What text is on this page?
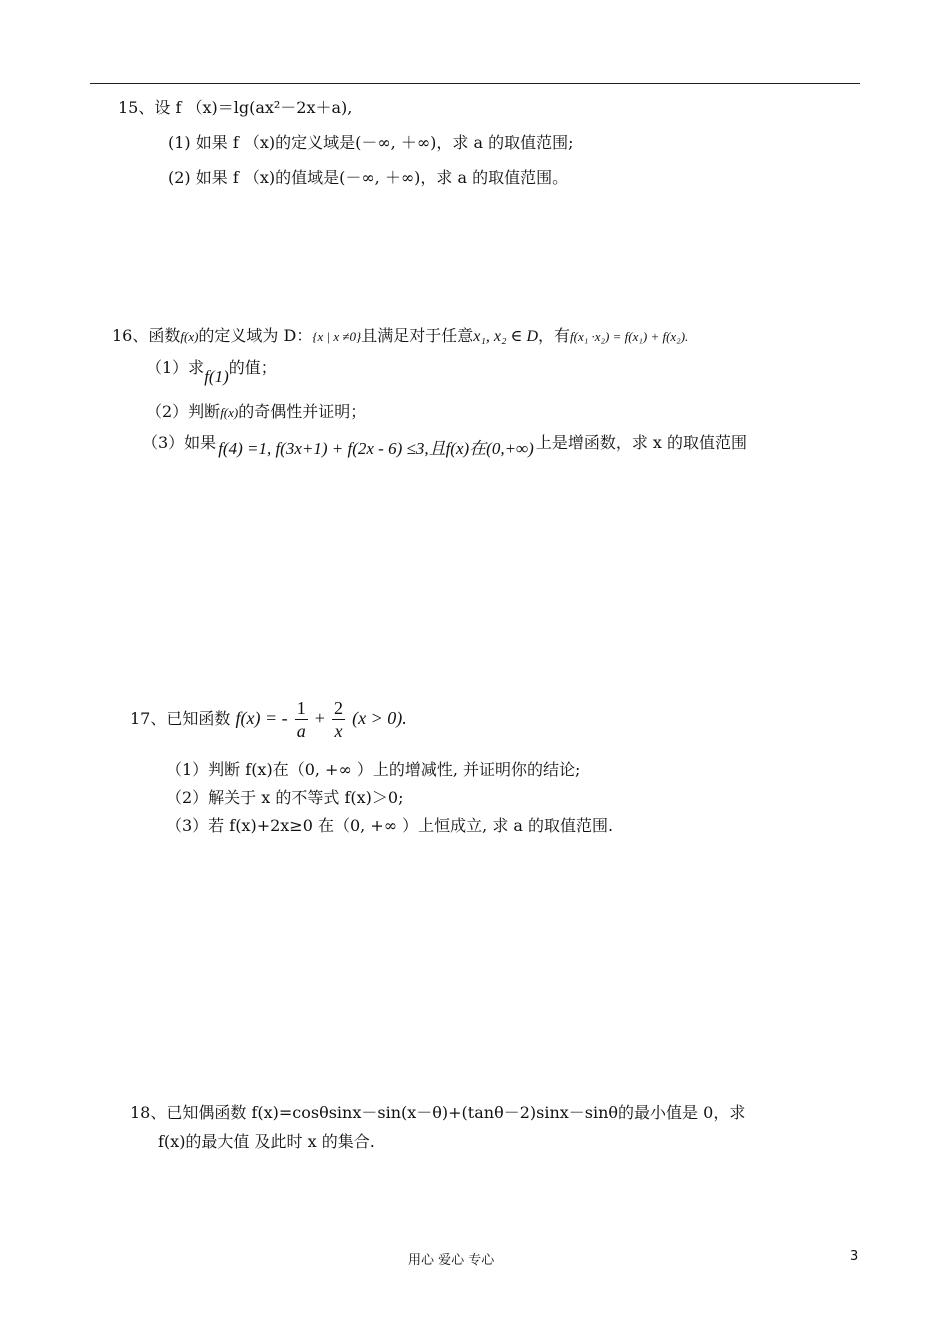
15、设 f （x)＝lg(ax²－2x＋a),
(1) 如果 f （x)的定义域是(－∞, ＋∞)，求 a 的取值范围;
(2) 如果 f （x)的值域是(－∞, ＋∞)，求 a 的取值范围。
16、函数f(x)的定义域为 D：{x | x ≠0}且满足对于任意x₁, x₂ ∈ D，有f(x₁ ·x₂) = f(x₁) + f(x₂).
（1）求f(1)的值；
（2）判断f(x)的奇偶性并证明；
（3）如果 f(4) =1, f(3x+1) + f(2x - 6) ≤3,且f(x)在(0,+∞) 上是增函数，求 x 的取值范围
17、已知函数 f(x) = - $\frac{1}{a} + \frac{2}{x} (x > 0)$.
（1）判断 f(x)在（0, +∞ ）上的增减性, 并证明你的结论;
（2）解关于 x 的不等式 f(x)＞0;
（3）若 f(x)+2x≥0 在（0, +∞ ）上恒成立, 求 a 的取值范围.
18、已知偶函数 f(x)=cosθsinx－sin(x－θ)+(tanθ－2)sinx－sinθ的最小值是 0，求
f(x)的最大值 及此时 x 的集合.
用心 爱心 专心	3
